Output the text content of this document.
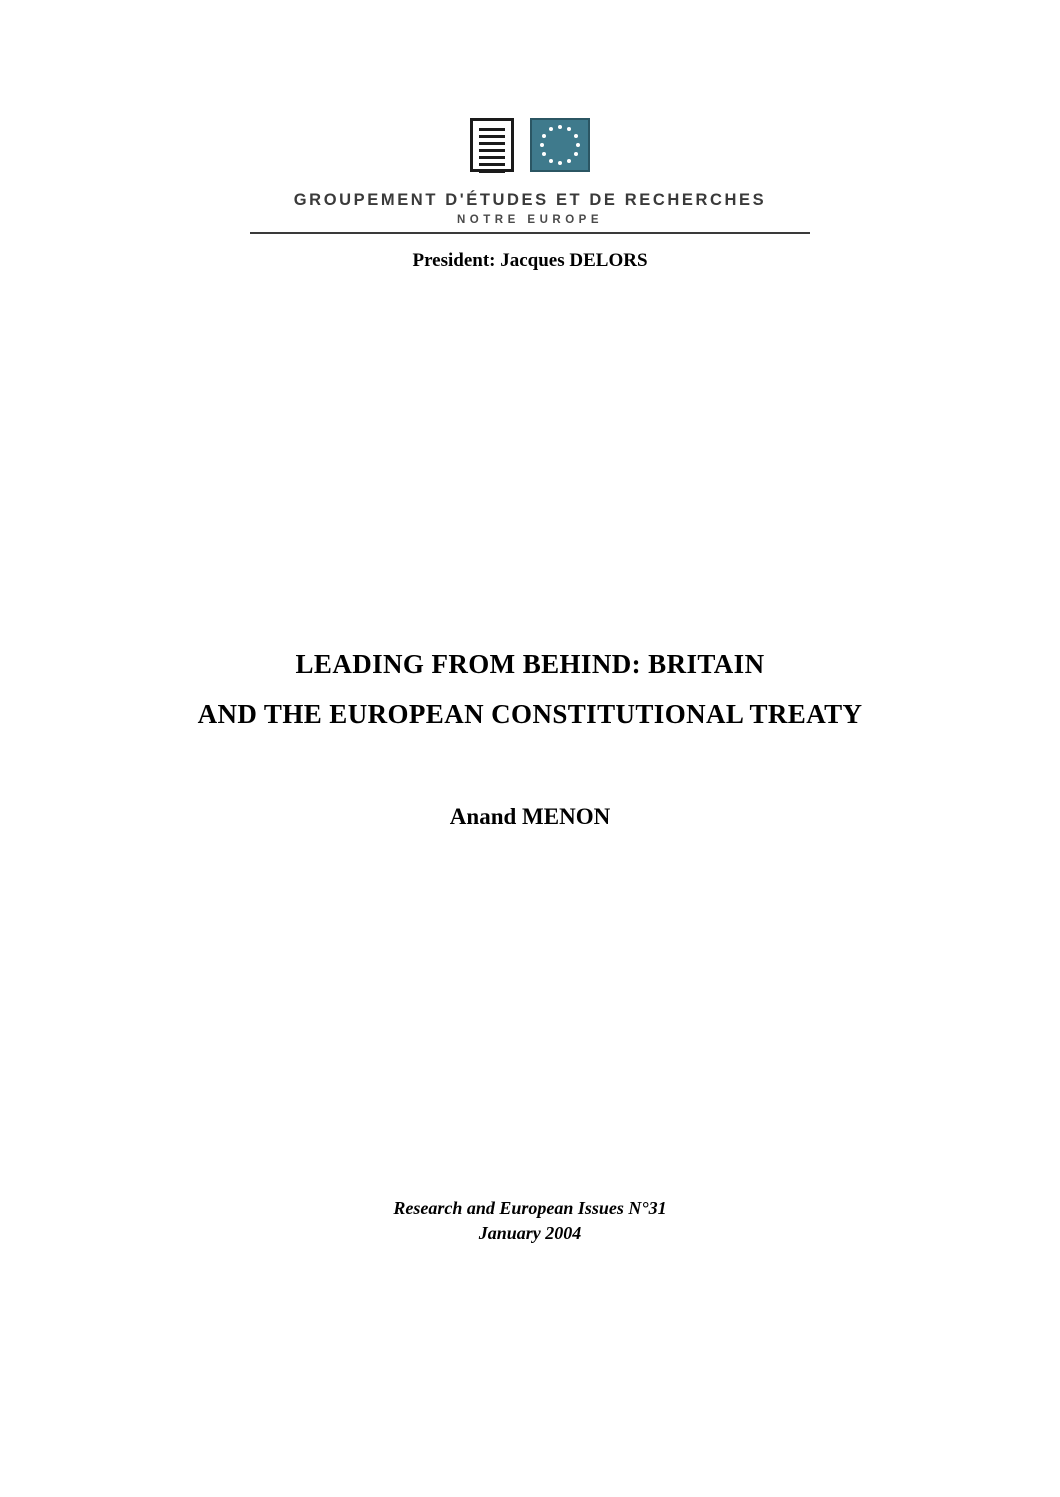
GROUPEMENT D'ÉTUDES ET DE RECHERCHES
NOTRE EUROPE
President: Jacques DELORS
LEADING FROM BEHIND: BRITAIN
AND THE EUROPEAN CONSTITUTIONAL TREATY
Anand MENON
Research and European Issues N°31
January 2004
